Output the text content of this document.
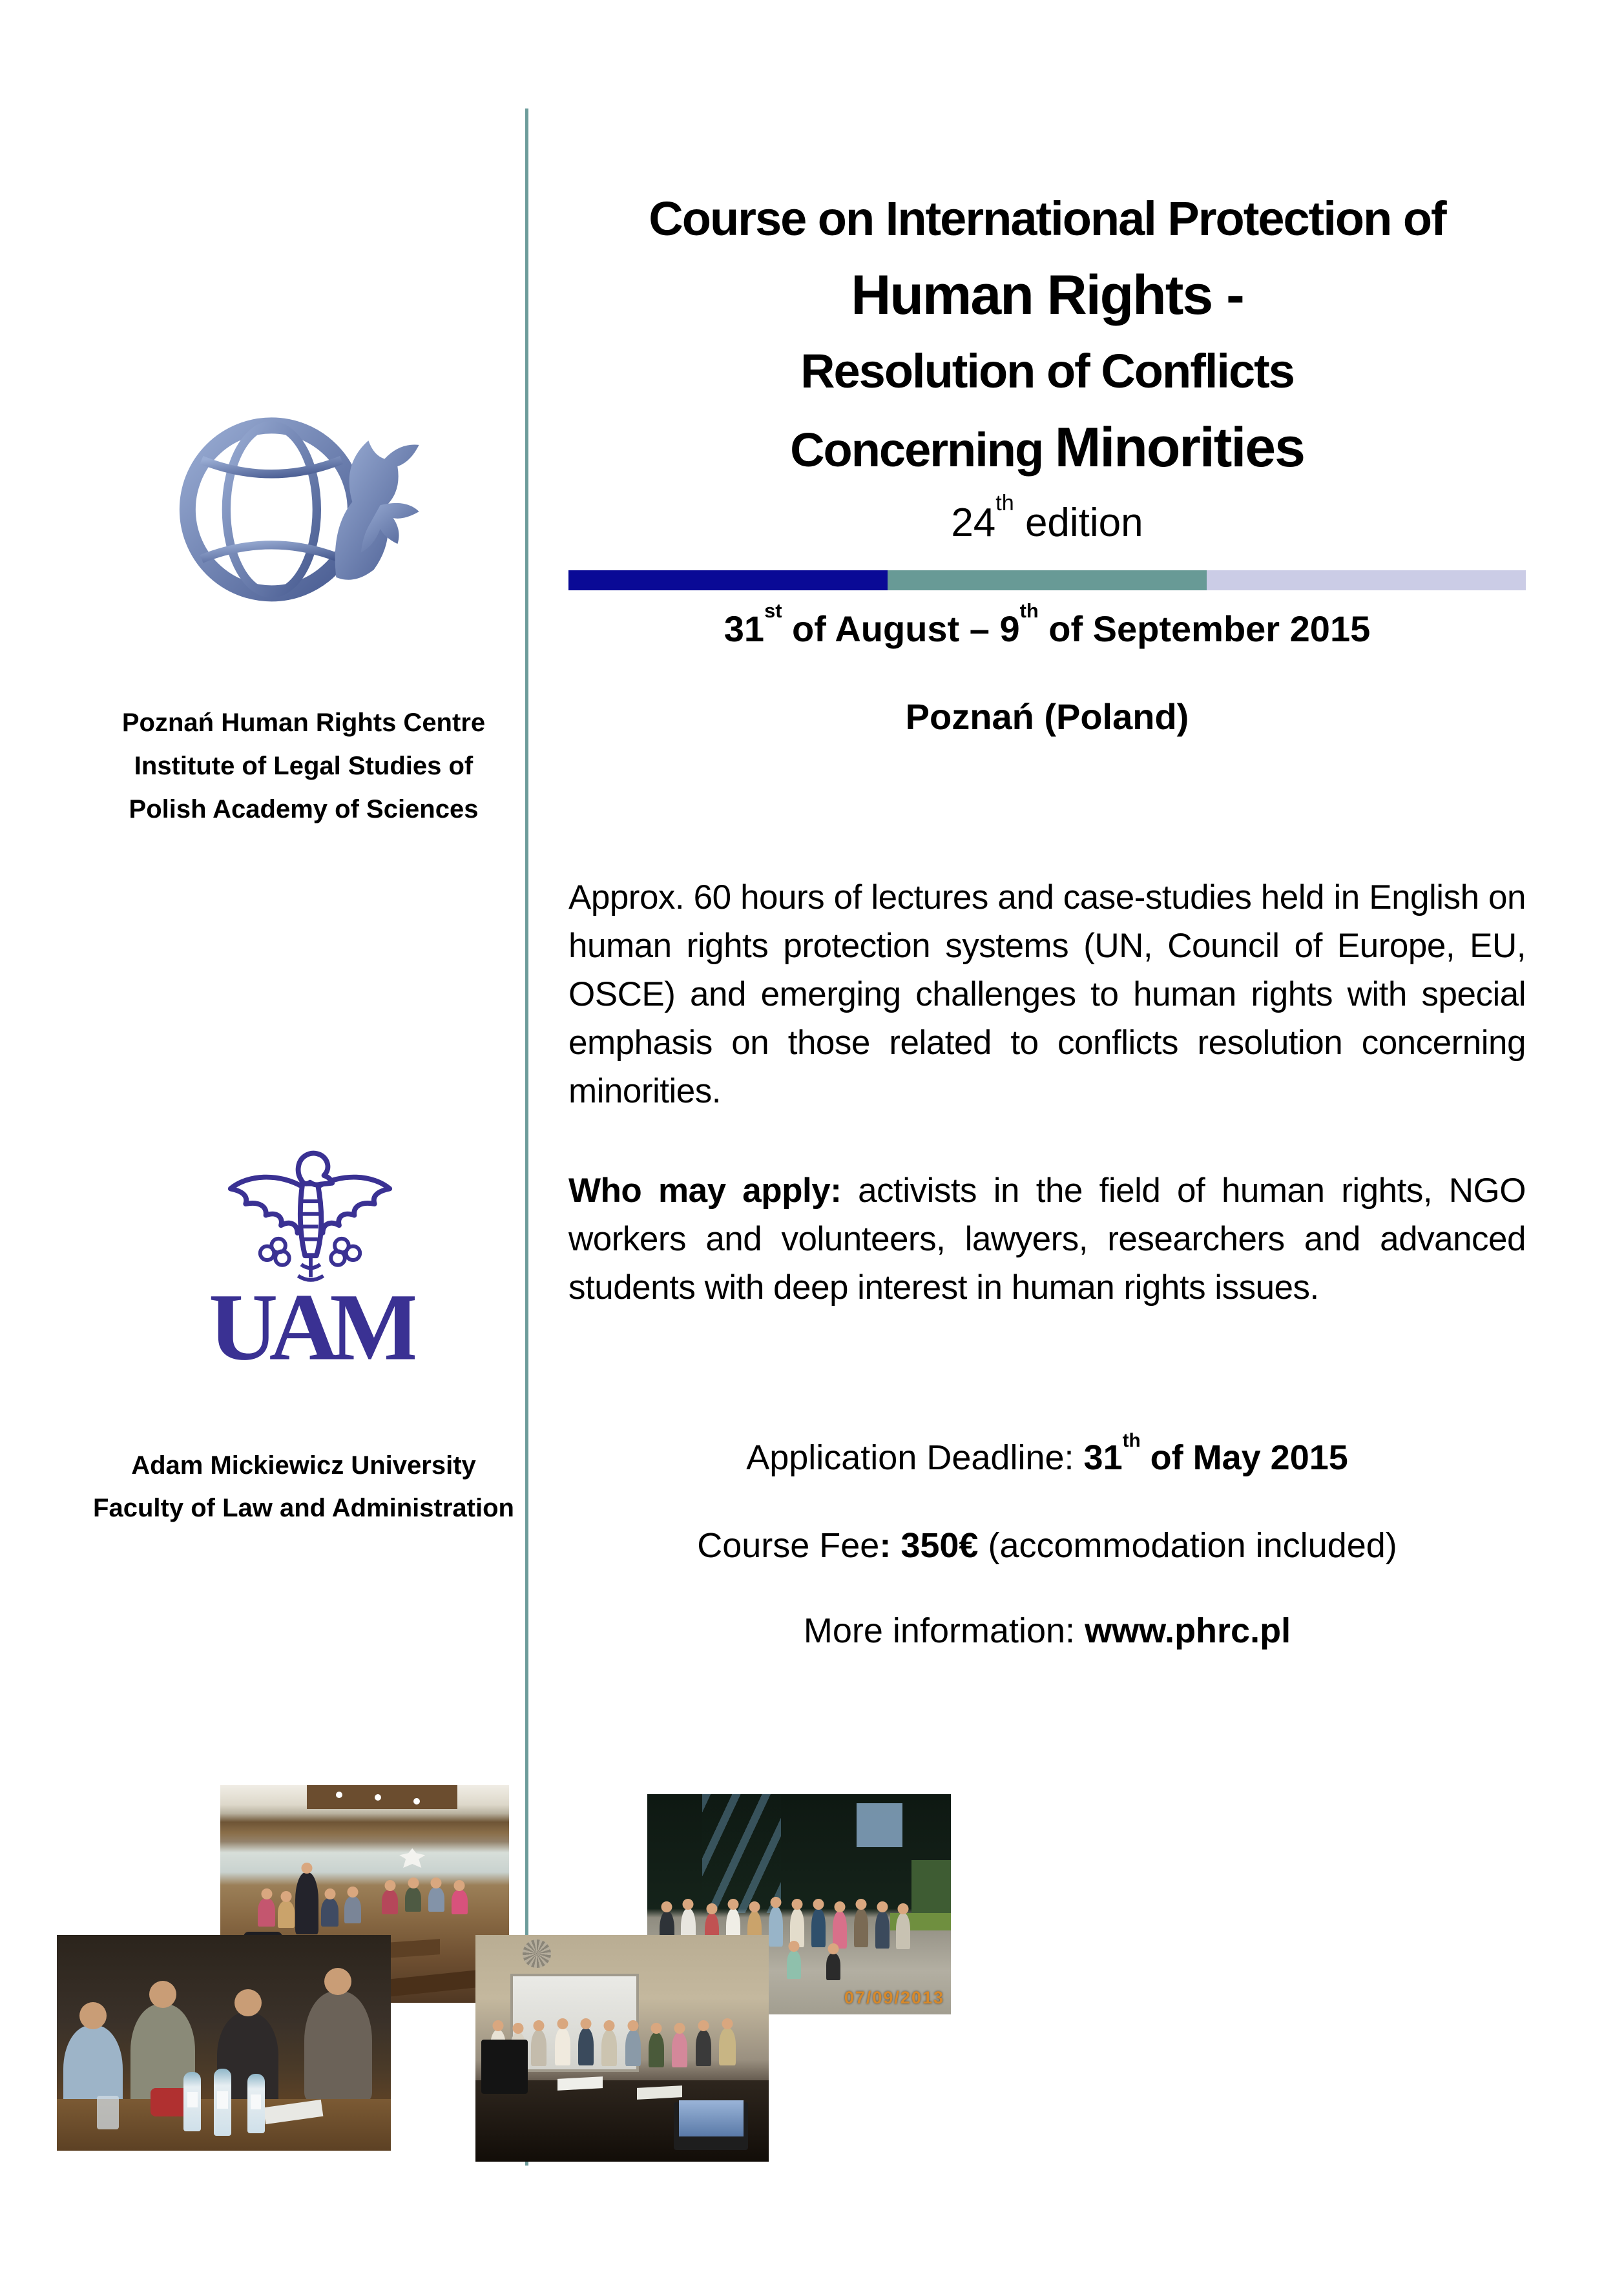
Poznań Human Rights Centre
Institute of Legal Studies of
Polish Academy of Sciences
UAM
Adam Mickiewicz University
Faculty of Law and Administration
Course on International Protection of
Human Rights -
Resolution of Conflicts
Concerning Minorities
24th edition
31st of August – 9th of September 2015
Poznań (Poland)
Approx. 60 hours of lectures and case-studies held in English on human rights protection systems (UN, Council of Europe, EU, OSCE) and emerging challenges to human rights with special emphasis on those related to conflicts resolution concerning minorities.
Who may apply: activists in the field of human rights, NGO workers and volunteers, lawyers, researchers and advanced students with deep interest in human rights issues.
Application Deadline: 31th of May 2015
Course Fee: 350€ (accommodation included)
More information: www.phrc.pl
07/09/2013
